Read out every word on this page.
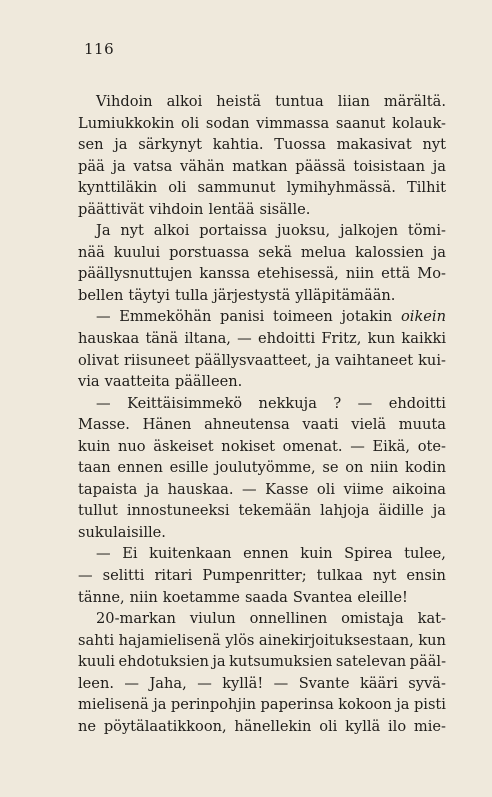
116
Vihdoin alkoi heistä tuntua liian märältä.
Lumiukkokin oli sodan vimmassa saanut kolauk-
sen ja särkynyt kahtia. Tuossa makasivat nyt
pää ja vatsa vähän matkan päässä toisistaan ja
kynttiläkin oli sammunut lymihyhmässä. Tilhit
päättivät vihdoin lentää sisälle.
Ja nyt alkoi portaissa juoksu, jalkojen tömi-
nää kuului porstuassa sekä melua kalossien ja
päällysnuttujen kanssa etehisessä, niin että Mo-
bellen täytyi tulla järjestystä ylläpitämään.
— Emmeköhän panisi toimeen jotakin oikein
hauskaa tänä iltana, — ehdoitti Fritz, kun kaikki
olivat riisuneet päällysvaatteet, ja vaihtaneet kui-
via vaatteita päälleen.
— Keittäisimmekö nekkuja ? — ehdoitti
Masse. Hänen ahneutensa vaati vielä muuta
kuin nuo äskeiset nokiset omenat. — Eikä, ote-
taan ennen esille joulutyömme, se on niin kodin
tapaista ja hauskaa. — Kasse oli viime aikoina
tullut innostuneeksi tekemään lahjoja äidille ja
sukulaisille.
— Ei kuitenkaan ennen kuin Spirea tulee,
— selitti ritari Pumpenritter; tulkaa nyt ensin
tänne, niin koetamme saada Svantea eleille!
20-markan viulun onnellinen omistaja kat-
sahti hajamielisenä ylös ainekirjoituksestaan, kun
kuuli ehdotuksien ja kutsumuksien satelevan pääl-
leen. — Jaha, — kyllä! — Svante kääri syvä-
mielisenä ja perinpohjin paperinsa kokoon ja pisti
ne pöytälaatikkoon, hänellekin oli kyllä ilo mie-
